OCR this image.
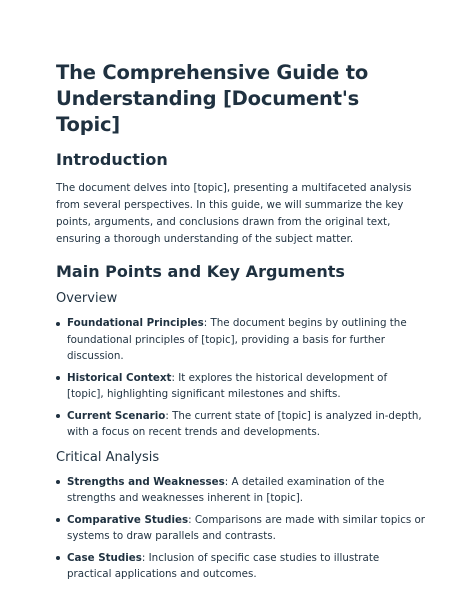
The Comprehensive Guide to Understanding [Document's Topic]
Introduction

The document delves into [topic], presenting a multifaceted analysis from several perspectives. In this guide, we will summarize the key points, arguments, and conclusions drawn from the original text, ensuring a thorough understanding of the subject matter.

Main Points and Key Arguments
Overview
Foundational Principles: The document begins by outlining the foundational principles of [topic], providing a basis for further discussion.
Historical Context: It explores the historical development of [topic], highlighting significant milestones and shifts.
Current Scenario: The current state of [topic] is analyzed in-depth, with a focus on recent trends and developments.
Critical Analysis
Strengths and Weaknesses: A detailed examination of the strengths and weaknesses inherent in [topic].
Comparative Studies: Comparisons are made with similar topics or systems to draw parallels and contrasts.
Case Studies: Inclusion of specific case studies to illustrate practical applications and outcomes.
